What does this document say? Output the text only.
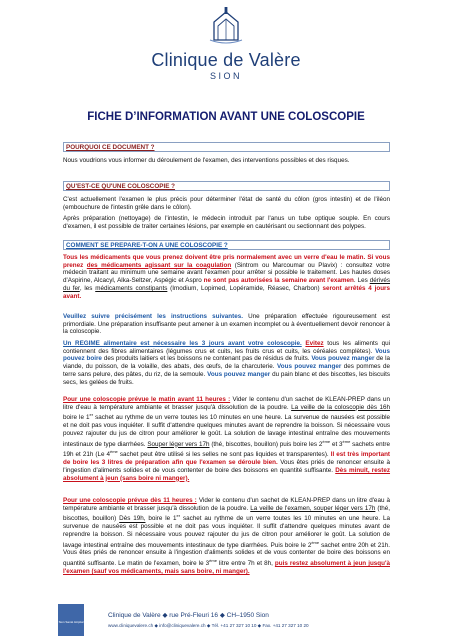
Clinique de Valère
SION
FICHE D’INFORMATION AVANT UNE COLOSCOPIE
POURQUOI CE DOCUMENT ?
Nous voudrions vous informer du déroulement de l'examen, des interventions possibles et des risques.
QU'EST-CE QU'UNE COLOSCOPIE ?
C'est actuellement l'examen le plus précis pour déterminer l'état de santé du côlon (gros intestin) et de l'iléon (embouchure de l'intestin grêle dans le côlon).
Après préparation (nettoyage) de l'intestin, le médecin introduit par l'anus un tube optique souple. En cours d'examen, il est possible de traiter certaines lésions, par exemple en cautérisant ou sectionnant des polypes.
COMMENT SE PREPARE-T-ON A UNE COLOSCOPIE ?
Tous les médicaments que vous prenez doivent être pris normalement avec un verre d'eau le matin. Si vous prenez des médicaments agissant sur la coagulation (Sintrom ou Marcoumar ou Plavix) : consultez votre médecin traitant au minimum une semaine avant l'examen pour arrêter si possible le traitement. Les hautes doses d'Aspirine, Alcacyl, Alka-Seltzer, Aspégic et Aspro ne sont pas autorisées la semaine avant l'examen. Les dérivés du fer, les médicaments constipants (Imodium, Lopimed, Lopéramide, Réasec, Charbon) seront arrêtés 4 jours avant.
Veuillez suivre précisément les instructions suivantes. Une préparation effectuée rigoureusement est primordiale. Une préparation insuffisante peut amener à un examen incomplet ou à éventuellement devoir renoncer à la coloscopie.
Un REGIME alimentaire est nécessaire les 3 jours avant votre coloscopie. Evitez tous les aliments qui contiennent des fibres alimentaires (légumes crus et cuits, les fruits crus et cuits, les céréales complètes). Vous pouvez boire des produits laitiers et les boissons ne contenant pas de résidus de fruits. Vous pouvez manger de la viande, du poisson, de la volaille, des abats, des œufs, de la charcuterie. Vous pouvez manger des pommes de terre sans pelure, des pâtes, du riz, de la semoule. Vous pouvez manger du pain blanc et des biscottes, les biscuits secs, les gelées de fruits.
Pour une coloscopie prévue le matin avant 11 heures : Vider le contenu d'un sachet de KLEAN-PREP dans un litre d'eau à température ambiante et brasser jusqu'à dissolution de la poudre. La veille de la coloscopie dès 16h boire le 1er sachet au rythme de un verre toutes les 10 minutes en une heure. La survenue de nausées est possible et ne doit pas vous inquiéter. Il suffit d'attendre quelques minutes avant de reprendre la boisson. Si nécessaire vous pouvez rajouter du jus de citron pour améliorer le goût. La solution de lavage intestinal entraîne des mouvements intestinaux de type diarrhées. Souper léger vers 17h (thé, biscottes, bouillon) puis boire les 2ème et 3ème sachets entre 19h et 21h (Le 4ème sachet peut être utilisé si les selles ne sont pas liquides et transparentes). Il est très important de boire les 3 litres de préparation afin que l'examen se déroule bien. Vous êtes priés de renoncer ensuite à l'ingestion d'aliments solides et de vous contenter de boire des boissons en quantité suffisante. Dès minuit, restez absolument à jeun (sans boire ni manger).
Pour une coloscopie prévue dès 11 heures : Vider le contenu d'un sachet de KLEAN-PREP dans un litre d'eau à température ambiante et brasser jusqu'à dissolution de la poudre. La veille de l'examen, souper léger vers 17h (thé, biscottes, bouillon) Dès 19h, boire le 1er sachet au rythme de un verre toutes les 10 minutes en une heure. La survenue de nausées est possible et ne doit pas vous inquiéter. Il suffit d'attendre quelques minutes avant de reprendre la boisson. Si nécessaire vous pouvez rajouter du jus de citron pour améliorer le goût. La solution de lavage intestinal entraîne des mouvements intestinaux de type diarrhées. Puis boire le 2ème sachet entre 20h et 21h. Vous êtes priés de renoncer ensuite à l'ingestion d'aliments solides et de vous contenter de boire des boissons en quantité suffisante. Le matin de l'examen, boire le 3ème litre entre 7h et 8h, puis restez absolument à jeun jusqu'à l'examen (sauf vos médicaments, mais sans boire, ni manger).
Sion Santé Hôpital
Clinique de Valère ◆ rue Pré-Fleuri 16 ◆ CH–1950 Sion
www.cliniquevalere.ch ◆ info@cliniquevalere.ch ◆ Tél. +41 27 327 10 10 ◆ Fax. +41 27 327 10 20
